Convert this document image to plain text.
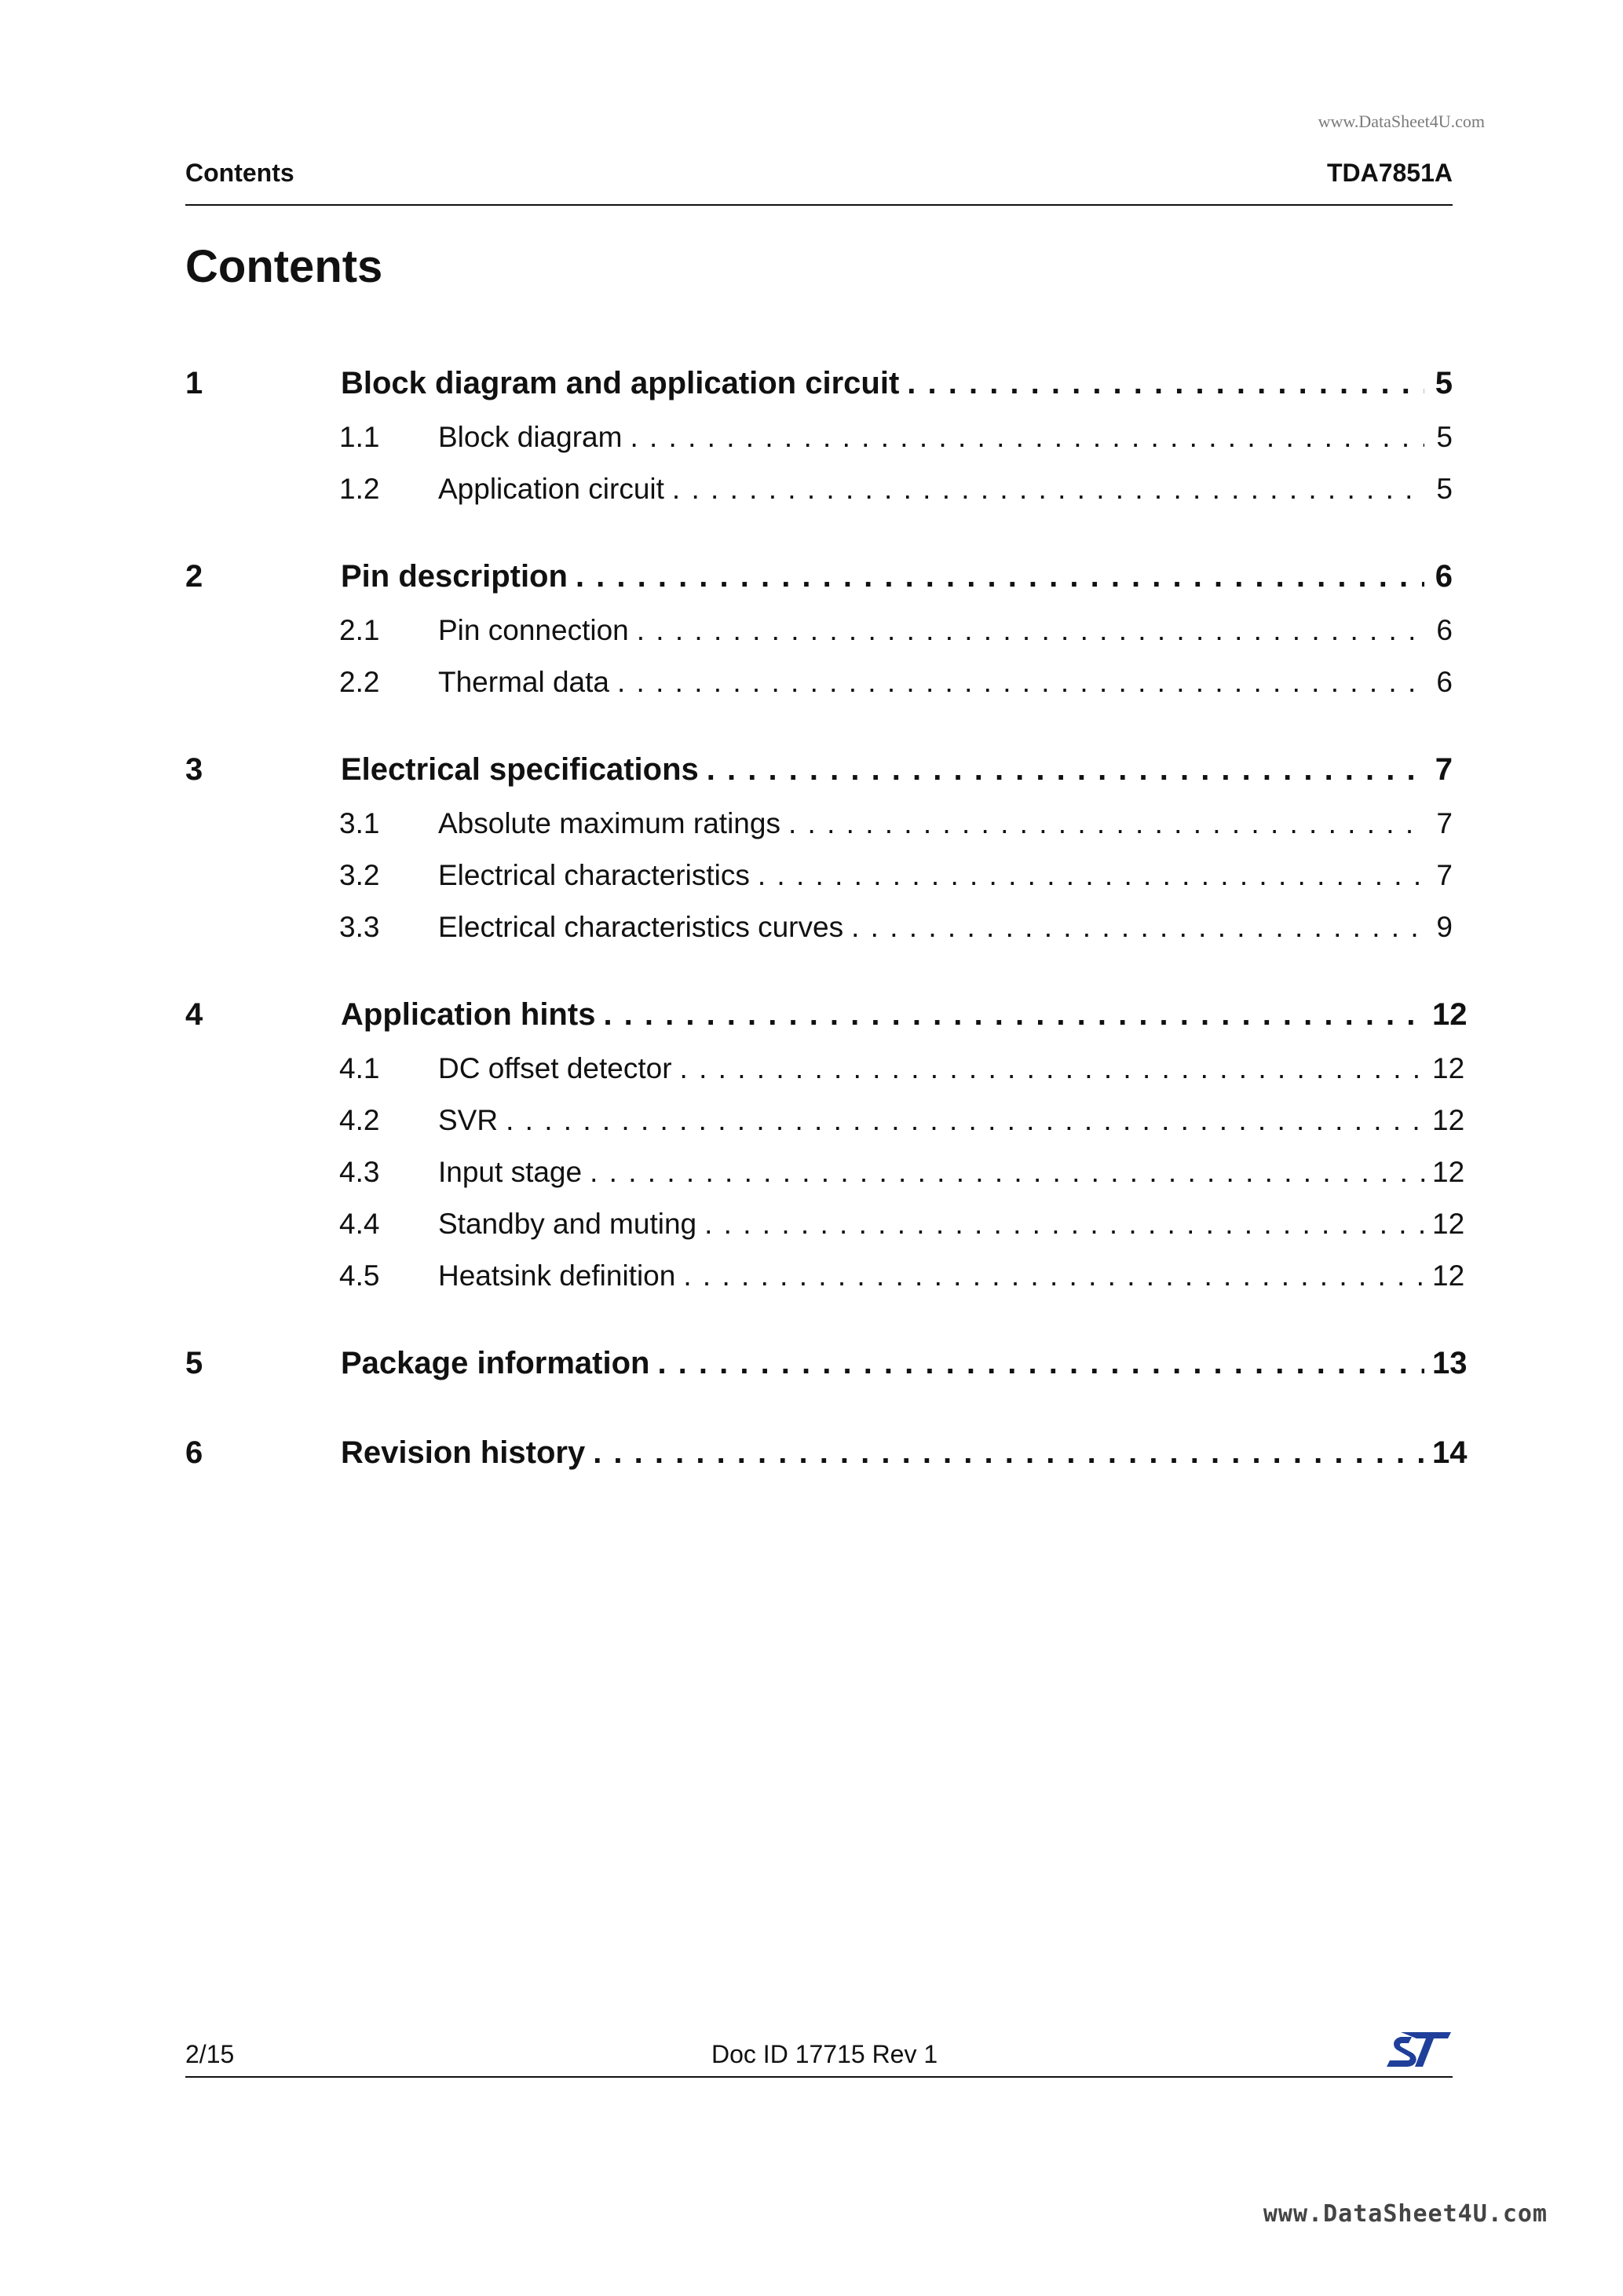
www.DataSheet4U.com
Contents	TDA7851A
Contents
1	Block diagram and application circuit . . .	5
1.1 Block diagram . . .	5
1.2 Application circuit . . .	5
2	Pin description . . .	6
2.1 Pin connection . . .	6
2.2 Thermal data . . .	6
3	Electrical specifications . . .	7
3.1 Absolute maximum ratings . . .	7
3.2 Electrical characteristics . . .	7
3.3 Electrical characteristics curves . . .	9
4	Application hints . . .	12
4.1 DC offset detector . . .	12
4.2 SVR . . .	12
4.3 Input stage . . .	12
4.4 Standby and muting . . .	12
4.5 Heatsink definition . . .	12
5	Package information . . .	13
6	Revision history . . .	14
2/15	Doc ID 17715 Rev 1
www.DataSheet4U.com
